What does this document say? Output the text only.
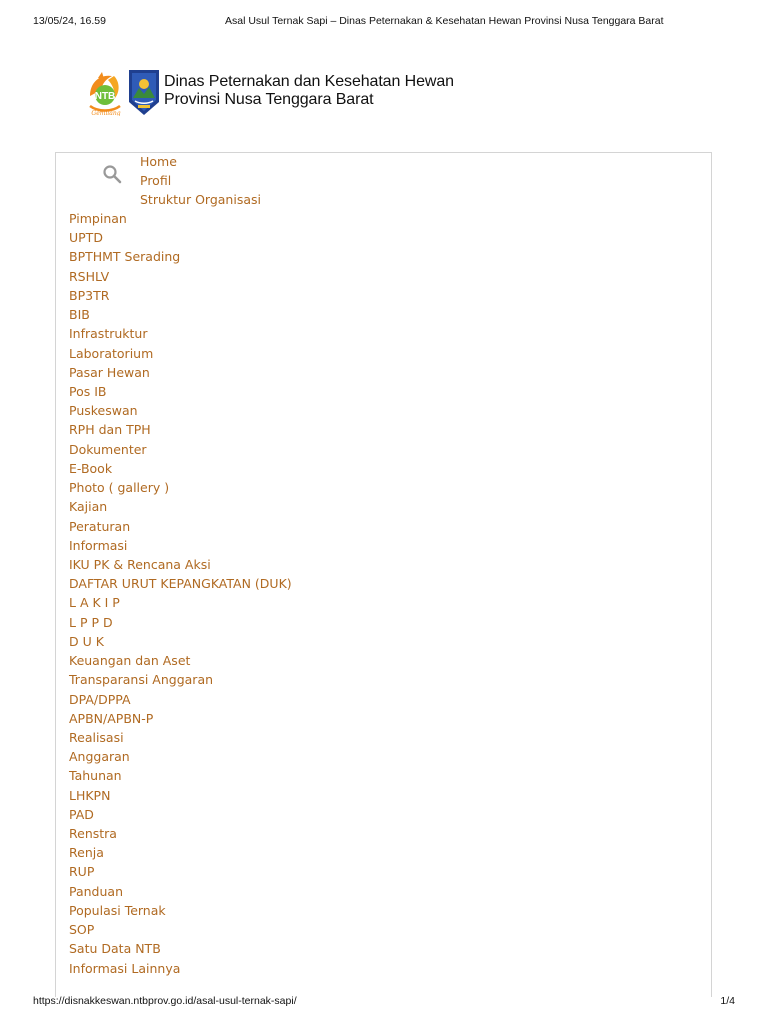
13/05/24, 16.59	Asal Usul Ternak Sapi – Dinas Peternakan & Kesehatan Hewan Provinsi Nusa Tenggara Barat
NTB
Gemilang
Dinas Peternakan dan Kesehatan Hewan
Provinsi Nusa Tenggara Barat
Home
Profil
Struktur Organisasi
Pimpinan
UPTD
BPTHMT Serading
RSHLV
BP3TR
BIB
Infrastruktur
Laboratorium
Pasar Hewan
Pos IB
Puskeswan
RPH dan TPH
Dokumenter
E-Book
Photo ( gallery )
Kajian
Peraturan
Informasi
IKU PK & Rencana Aksi
DAFTAR URUT KEPANGKATAN (DUK)
L A K I P
L P P D
D U K
Keuangan dan Aset
Transparansi Anggaran
DPA/DPPA
APBN/APBN-P
Realisasi
Anggaran
Tahunan
LHKPN
PAD
Renstra
Renja
RUP
Panduan
Populasi Ternak
SOP
Satu Data NTB
Informasi Lainnya
https://disnakkeswan.ntbprov.go.id/asal-usul-ternak-sapi/	1/4
